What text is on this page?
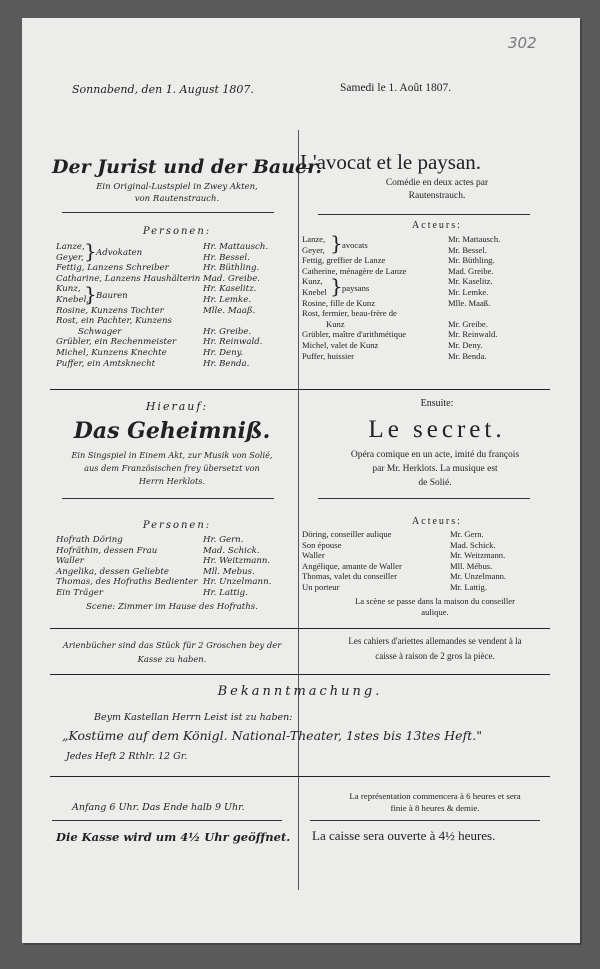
302
Sonnabend, den 1. August 1807.	Samedi le 1. Août 1807.
Der Jurist und der Bauer.
Ein Original-Lustspiel in Zwey Akten,
von Rautenstrauch.
L'avocat et le paysan.
Comédie en deux actes par
Rautenstrauch.
Personen:
Acteurs:
Lanze,
Geyer,
Fettig, Lanzens Schreiber
Catharine, Lanzens Haushälterin
Kunz,
Knebel,
Rosine, Kunzens Tochter
Rost, ein Pachter, Kunzens
Schwager
Grübler, ein Rechenmeister
Michel, Kunzens Knechte
Puffer, ein Amtsknecht
} Advokaten
} Bauren
Hr. Mattausch.
Hr. Bessel.
Hr. Büthling.
Mad. Greibe.
Hr. Kaselitz.
Hr. Lemke.
Mlle. Maaß.

Hr. Greibe.
Hr. Reinwald.
Hr. Deny.
Hr. Benda.
Lanze,
Geyer,
Fettig, greffier de Lanze
Catherine, ménagère de Lanze
Kunz,
Knebel
Rosine, fille de Kunz
Rost, fermier, beau-frère de
Kunz
Grübler, maître d'arithmétique
Michel, valet de Kunz
Puffer, huissier
} avocats
} paysans
Mr. Mattausch.
Mr. Bessel.
Mr. Büthling.
Mad. Greibe.
Mr. Kaselitz.
Mr. Lemke.
Mlle. Maaß.

Mr. Greibe.
Mr. Reinwald.
Mr. Deny.
Mr. Benda.
Hierauf:
Das Geheimniß.
Ein Singspiel in Einem Akt, zur Musik von Solié,
aus dem Französischen frey übersetzt von
Herrn Herklots.
Ensuite:
Le secret.
Opéra comique en un acte, imité du françois
par Mr. Herklots. La musique est
de Solié.
Personen:	Acteurs:
Hofrath Döring
Hofräthin, dessen Frau
Waller
Angelika, dessen Geliebte
Thomas, des Hofraths Bedienter
Ein Träger
Hr. Gern.
Mad. Schick.
Hr. Weitzmann.
Mll. Mebus.
Hr. Unzelmann.
Hr. Lattig.
Scene: Zimmer im Hause des Hofraths.
Döring, conseiller aulique
Son épouse
Waller
Angélique, amante de Waller
Thomas, valet du conseiller
Un porteur
Mr. Gern.
Mad. Schick.
Mr. Weitzmann.
Mll. Mébus.
Mr. Unzelmann.
Mr. Lattig.
La scène se passe dans la maison du conseiller
aulique.
Arienbücher sind das Stück für 2 Groschen bey der
Kasse zu haben.
Les cahiers d'ariettes allemandes se vendent à la
caisse à raison de 2 gros la pièce.
Bekanntmachung.
Beym Kastellan Herrn Leist ist zu haben:
„Kostüme auf dem Königl. National-Theater, 1stes bis 13tes Heft."
Jedes Heft 2 Rthlr. 12 Gr.
Anfang 6 Uhr. Das Ende halb 9 Uhr.
La représentation commencera à 6 heures et sera
finie à 8 heures & demie.
Die Kasse wird um 4½ Uhr geöffnet. La caisse sera ouverte à 4½ heures.
